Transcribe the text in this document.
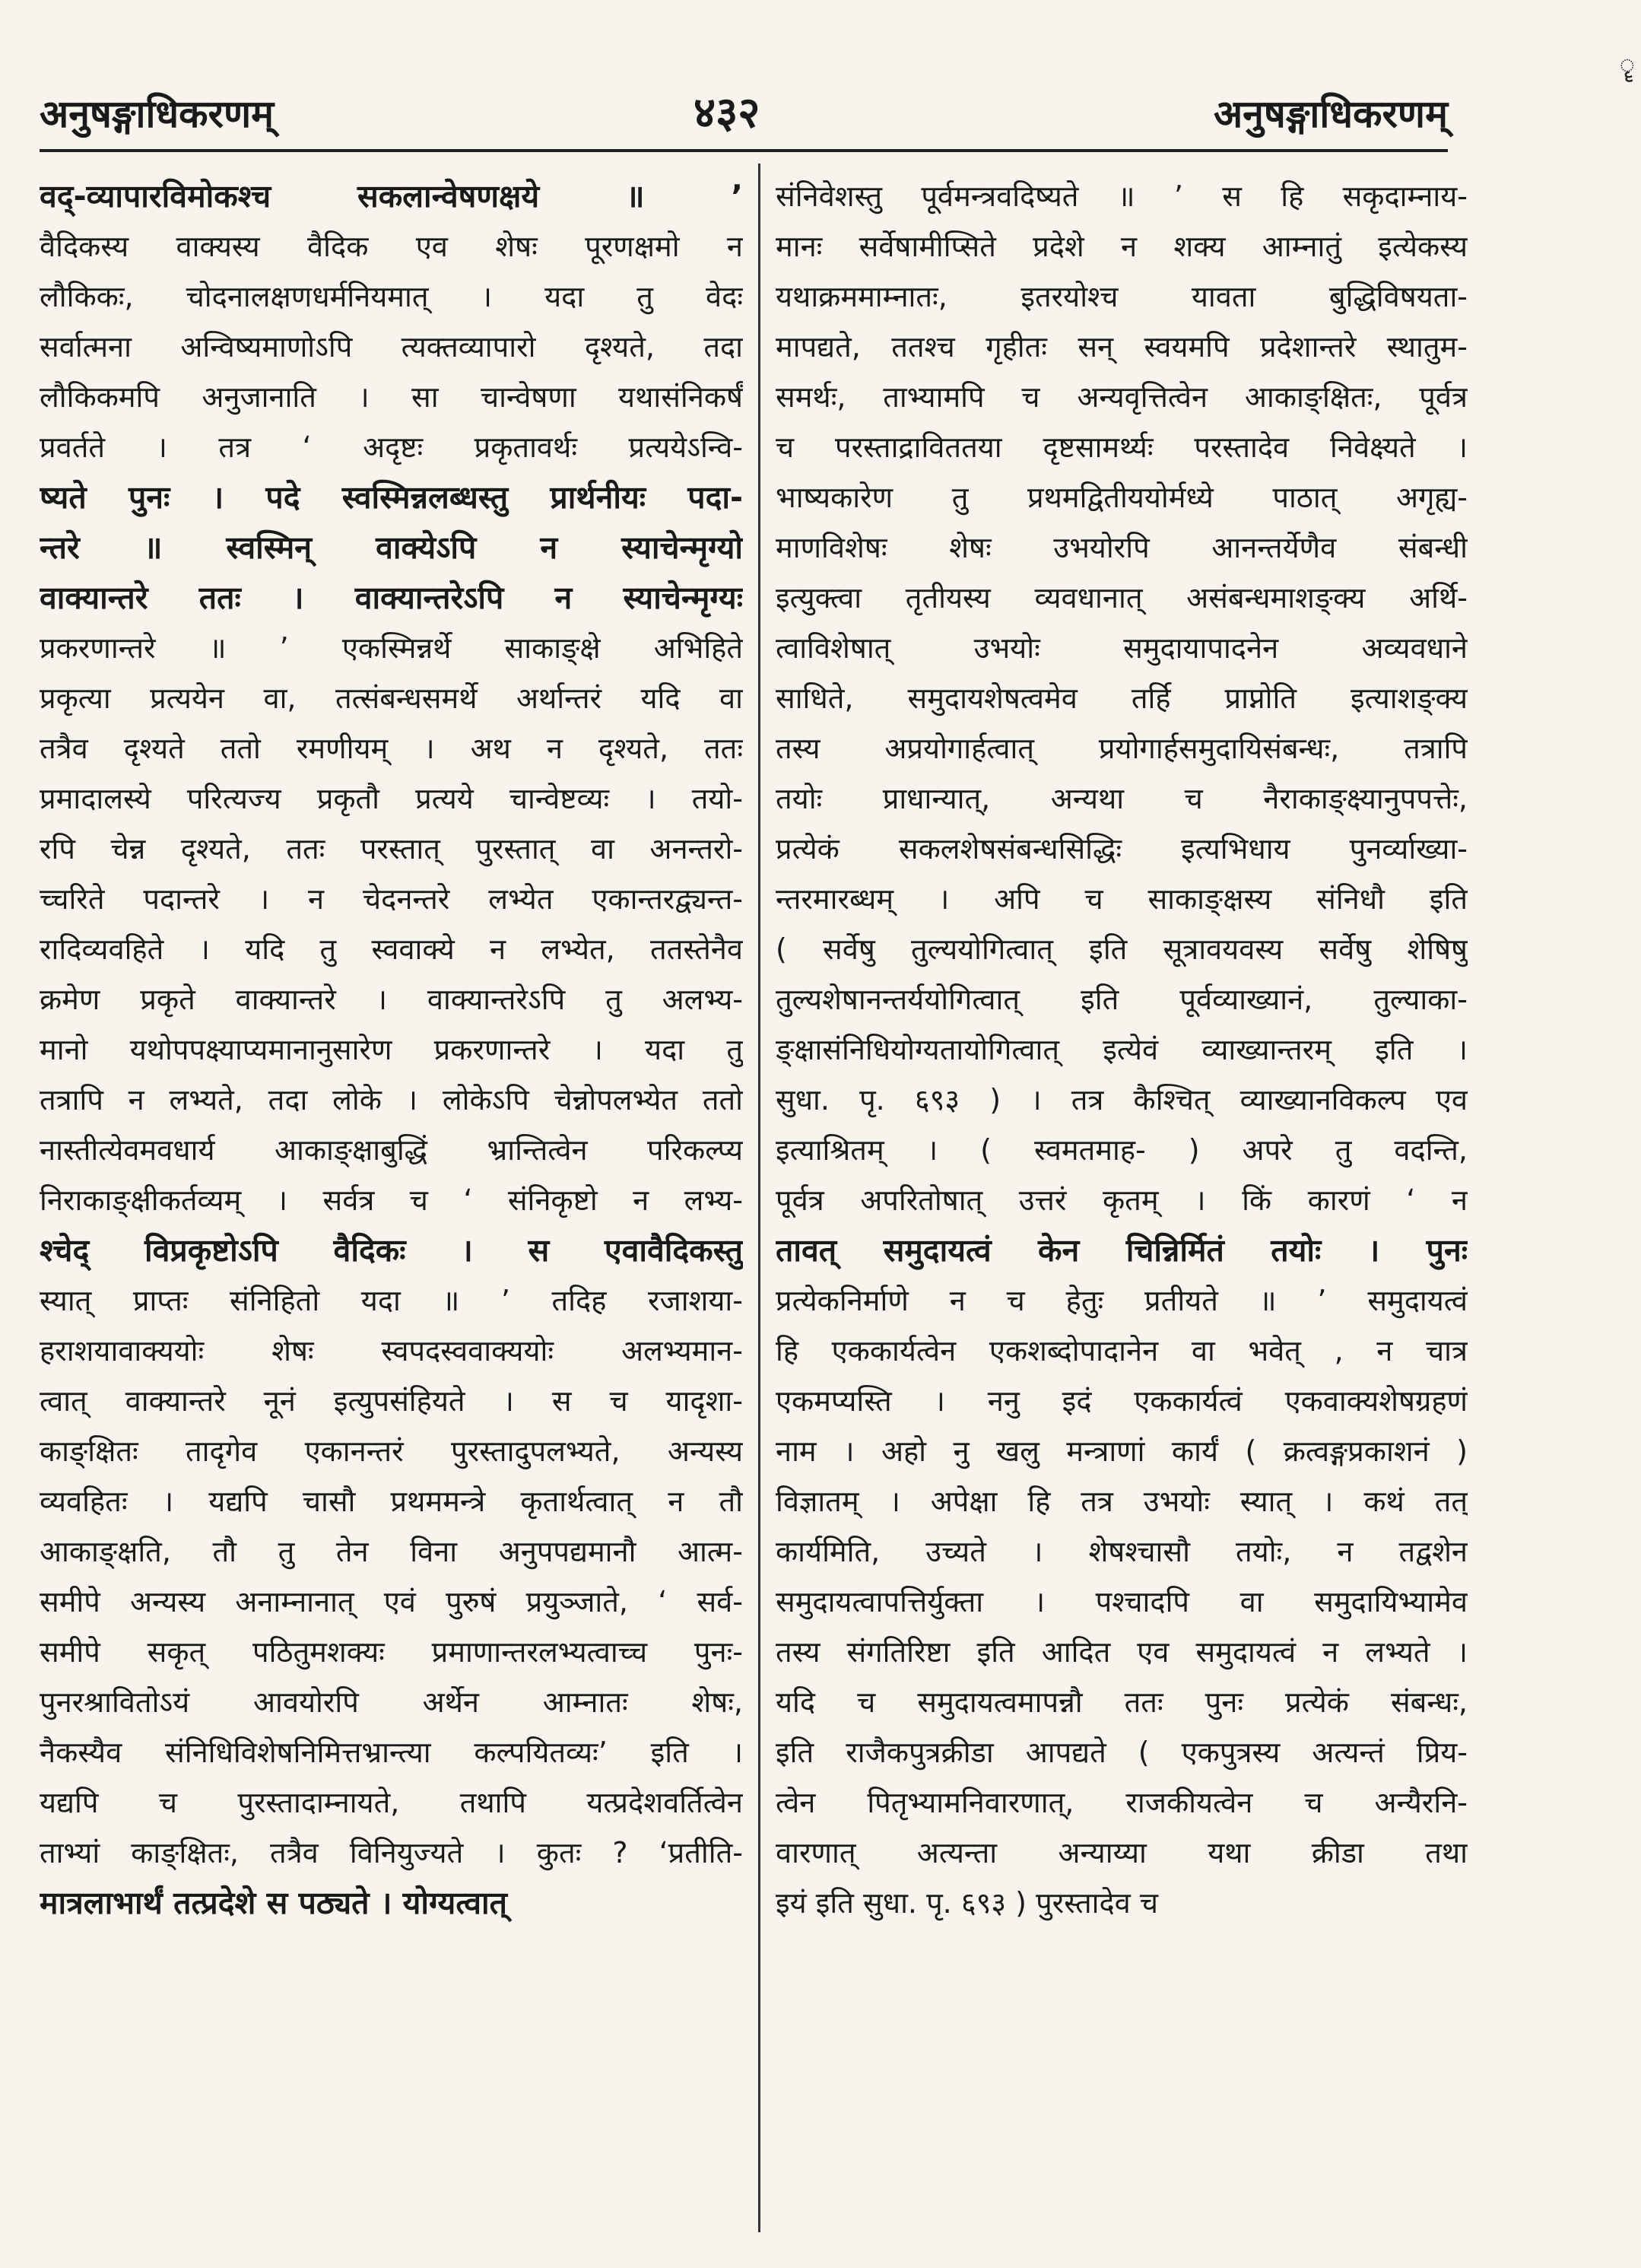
अनुषङ्गाधिकरणम्	४३२	अनुषङ्गाधिकरणम्
वद्-व्यापारविमोकश्च सकलान्वेषणक्षये ॥ ’
वैदिकस्य वाक्यस्य वैदिक एव शेषः पूरणक्षमो न
लौकिकः, चोदनालक्षणधर्मनियमात् । यदा तु वेदः
सर्वात्मना अन्विष्यमाणोऽपि त्यक्तव्यापारो दृश्यते, तदा
लौकिकमपि अनुजानाति । सा चान्वेषणा यथासंनिकर्षं
प्रवर्तते । तत्र ‘ अदृष्टः प्रकृतावर्थः प्रत्ययेऽन्वि-
ष्यते पुनः । पदे स्वस्मिन्नलब्धस्तु प्रार्थनीयः पदा-
न्तरे ॥ स्वस्मिन् वाक्येऽपि न स्याचेन्मृग्यो
वाक्यान्तरे ततः । वाक्यान्तरेऽपि न स्याचेन्मृग्यः
प्रकरणान्तरे ॥ ’ एकस्मिन्नर्थे साकाङ्क्षे अभिहिते
प्रकृत्या प्रत्ययेन वा, तत्संबन्धसमर्थे अर्थान्तरं यदि वा
तत्रैव दृश्यते ततो रमणीयम् । अथ न दृश्यते, ततः
प्रमादालस्ये परित्यज्य प्रकृतौ प्रत्यये चान्वेष्टव्यः । तयो-
रपि चेन्न दृश्यते, ततः परस्तात् पुरस्तात् वा अनन्तरो-
च्चरिते पदान्तरे । न चेदनन्तरे लभ्येत एकान्तरद्व्यन्त-
रादिव्यवहिते । यदि तु स्ववाक्ये न लभ्येत, ततस्तेनैव
क्रमेण प्रकृते वाक्यान्तरे । वाक्यान्तरेऽपि तु अलभ्य-
मानो यथोपपक्ष्याप्यमानानुसारेण प्रकरणान्तरे । यदा तु
तत्रापि न लभ्यते, तदा लोके । लोकेऽपि चेन्नोपलभ्येत ततो
नास्तीत्येवमवधार्य आकाङ्क्षाबुद्धिं भ्रान्तित्वेन परिकल्प्य
निराकाङ्क्षीकर्तव्यम् । सर्वत्र च ‘ संनिकृष्टो न लभ्य-
श्चेद् विप्रकृष्टोऽपि वैदिकः । स एवावैदिकस्तु
स्यात् प्राप्तः संनिहितो यदा ॥ ’ तदिह रजाशया-
हराशयावाक्ययोः शेषः स्वपदस्ववाक्ययोः अलभ्यमान-
त्वात् वाक्यान्तरे नूनं इत्युपसंहियते । स च यादृशा-
काङ्क्षितः तादृगेव एकानन्तरं पुरस्तादुपलभ्यते, अन्यस्य
व्यवहितः । यद्यपि चासौ प्रथममन्त्रे कृतार्थत्वात् न तौ
आकाङ्क्षति, तौ तु तेन विना अनुपपद्यमानौ आत्म-
समीपे अन्यस्य अनाम्नानात् एवं पुरुषं प्रयुञ्जाते, ‘ सर्व-
समीपे सकृत् पठितुमशक्यः प्रमाणान्तरलभ्यत्वाच्च पुनः-
पुनरश्रावितोऽयं आवयोरपि अर्थेन आम्नातः शेषः,
नैकस्यैव संनिधिविशेषनिमित्तभ्रान्त्या कल्पयितव्यः’ इति ।
यद्यपि च पुरस्तादाम्नायते, तथापि यत्प्रदेशवर्तित्वेन
ताभ्यां काङ्क्षितः, तत्रैव विनियुज्यते । कुतः ? ‘प्रतीति-
मात्रलाभार्थं तत्प्रदेशे स पठ्यते । योग्यत्वात्
संनिवेशस्तु पूर्वमन्त्रवदिष्यते ॥ ’ स हि सकृदाम्नाय-
मानः सर्वेषामीप्सिते प्रदेशे न शक्य आम्नातुं इत्येकस्य
यथाक्रममाम्नातः, इतरयोश्च यावता बुद्धिविषयता-
मापद्यते, ततश्च गृहीतः सन् स्वयमपि प्रदेशान्तरे स्थातुम-
समर्थः, ताभ्यामपि च अन्यवृत्तित्वेन आकाङ्क्षितः, पूर्वत्र
च परस्ताद्राविततया दृष्टसामर्थ्यः परस्तादेव निवेक्ष्यते ।
भाष्यकारेण तु प्रथमद्वितीययोर्मध्ये पाठात् अगृह्य-
माणविशेषः शेषः उभयोरपि आनन्तर्येणैव संबन्धी
इत्युक्त्वा तृतीयस्य व्यवधानात् असंबन्धमाशङ्क्य अर्थि-
त्वाविशेषात् उभयोः समुदायापादनेन अव्यवधाने
साधिते, समुदायशेषत्वमेव तर्हि प्राप्नोति इत्याशङ्क्य
तस्य अप्रयोगार्हत्वात् प्रयोगार्हसमुदायिसंबन्धः, तत्रापि
तयोः प्राधान्यात्, अन्यथा च नैराकाङ्क्ष्यानुपपत्तेः,
प्रत्येकं सकलशेषसंबन्धसिद्धिः इत्यभिधाय पुनर्व्याख्या-
न्तरमारब्धम् । अपि च साकाङ्क्षस्य संनिधौ इति
( सर्वेषु तुल्ययोगित्वात् इति सूत्रावयवस्य सर्वेषु शेषिषु
तुल्यशेषानन्तर्ययोगित्वात् इति पूर्वव्याख्यानं, तुल्याका-
ङ्क्षासंनिधियोग्यतायोगित्वात् इत्येवं व्याख्यान्तरम् इति ।
सुधा. पृ. ६९३ ) । तत्र कैश्चित् व्याख्यानविकल्प एव
इत्याश्रितम् । ( स्वमतमाह- ) अपरे तु वदन्ति,
पूर्वत्र अपरितोषात् उत्तरं कृतम् । किं कारणं ‘ न
तावत् समुदायत्वं केन चिन्निर्मितं तयोः । पुनः
प्रत्येकनिर्माणे न च हेतुः प्रतीयते ॥ ’ समुदायत्वं
हि एककार्यत्वेन एकशब्दोपादानेन वा भवेत् , न चात्र
एकमप्यस्ति । ननु इदं एककार्यत्वं एकवाक्यशेषग्रहणं
नाम । अहो नु खलु मन्त्राणां कार्यं ( क्रत्वङ्गप्रकाशनं )
विज्ञातम् । अपेक्षा हि तत्र उभयोः स्यात् । कथं तत्
कार्यमिति, उच्यते । शेषश्चासौ तयोः, न तद्वशेन
समुदायत्वापत्तिर्युक्ता । पश्चादपि वा समुदायिभ्यामेव
तस्य संगतिरिष्टा इति आदित एव समुदायत्वं न लभ्यते ।
यदि च समुदायत्वमापन्नौ ततः पुनः प्रत्येकं संबन्धः,
इति राजैकपुत्रक्रीडा आपद्यते ( एकपुत्रस्य अत्यन्तं प्रिय-
त्वेन पितृभ्यामनिवारणात्, राजकीयत्वेन च अन्यैरनि-
वारणात् अत्यन्ता अन्याय्या यथा क्रीडा तथा
इयं इति सुधा. पृ. ६९३ ) पुरस्तादेव च
ॄ
